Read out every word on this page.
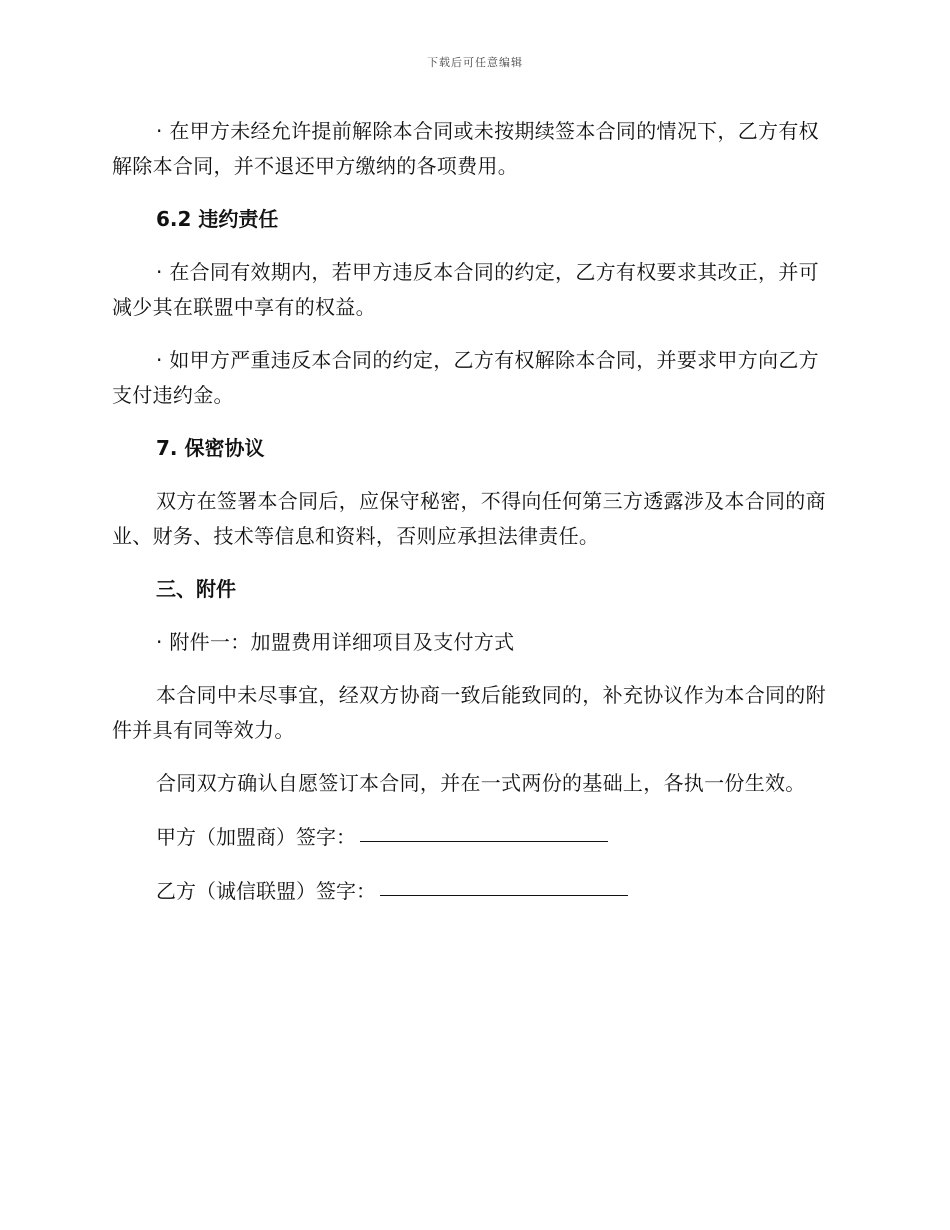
下载后可任意编辑

· 在甲方未经允许提前解除本合同或未按期续签本合同的情况下，乙方有权解除本合同，并不退还甲方缴纳的各项费用。

6.2 违约责任

· 在合同有效期内，若甲方违反本合同的约定，乙方有权要求其改正，并可减少其在联盟中享有的权益。

· 如甲方严重违反本合同的约定，乙方有权解除本合同，并要求甲方向乙方支付违约金。

7. 保密协议

双方在签署本合同后，应保守秘密，不得向任何第三方透露涉及本合同的商业、财务、技术等信息和资料，否则应承担法律责任。

三、附件

· 附件一：加盟费用详细项目及支付方式

本合同中未尽事宜，经双方协商一致后能致同的，补充协议作为本合同的附件并具有同等效力。

合同双方确认自愿签订本合同，并在一式两份的基础上，各执一份生效。

甲方（加盟商）签字：
乙方（诚信联盟）签字：
